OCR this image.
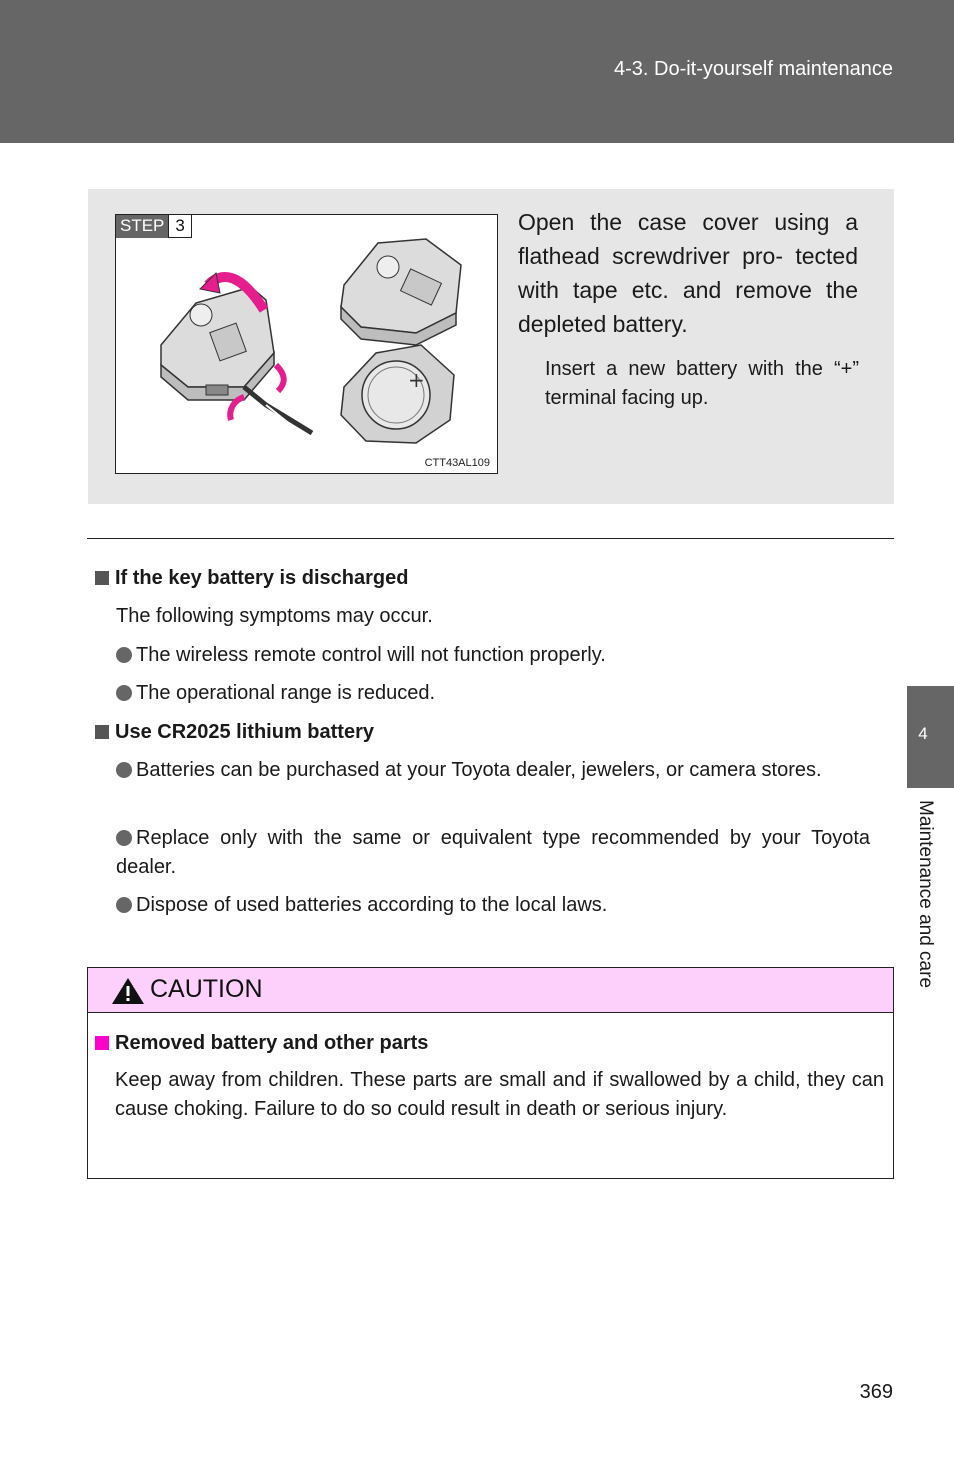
4-3. Do-it-yourself maintenance
4
Maintenance and care
STEP 3
+
CTT43AL109
Open the case cover using a flathead screwdriver pro- tected with tape etc. and remove the depleted battery.
Insert a new battery with the “+” terminal facing up.
If the key battery is discharged
The following symptoms may occur.
The wireless remote control will not function properly.
The operational range is reduced.
Use CR2025 lithium battery
Batteries can be purchased at your Toyota dealer, jewelers, or camera stores.
Replace only with the same or equivalent type recommended by your Toyota dealer.
Dispose of used batteries according to the local laws.
CAUTION
Removed battery and other parts
Keep away from children. These parts are small and if swallowed by a child, they can cause choking. Failure to do so could result in death or serious injury.
369
